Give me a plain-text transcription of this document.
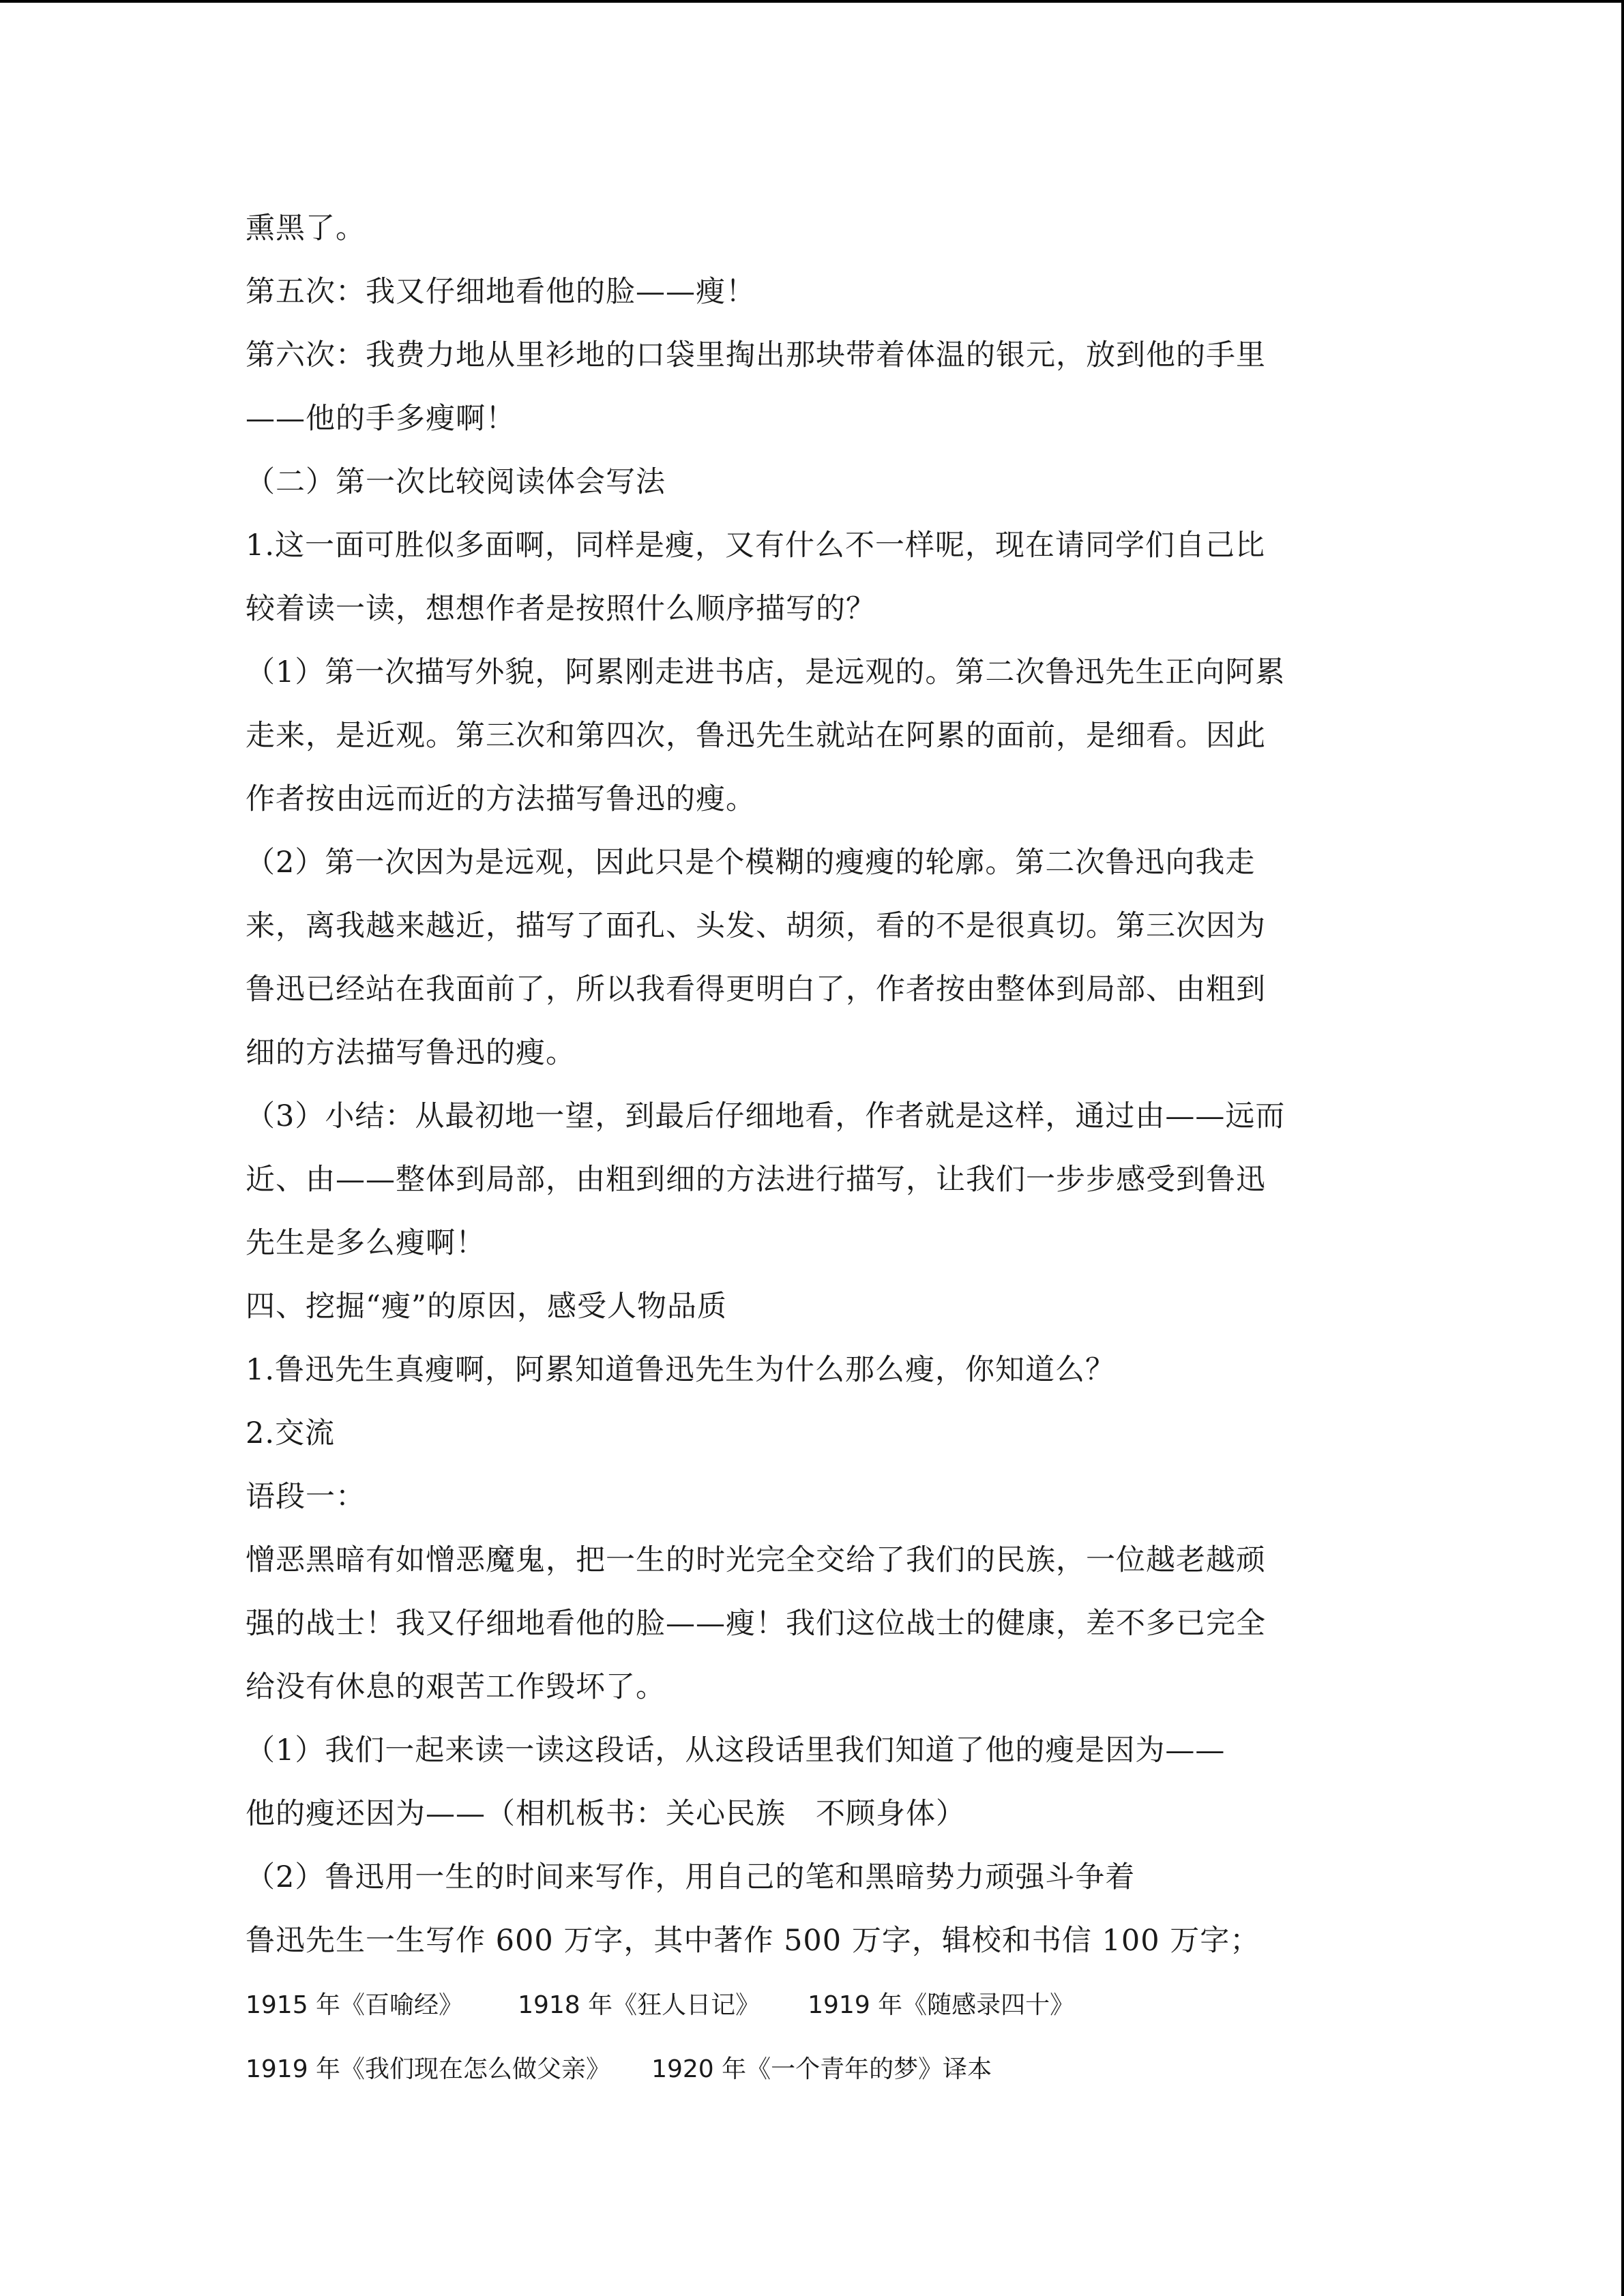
熏黑了。
第五次：我又仔细地看他的脸——瘦！
第六次：我费力地从里衫地的口袋里掏出那块带着体温的银元，放到他的手里
——他的手多瘦啊！
（二）第一次比较阅读体会写法
1.这一面可胜似多面啊，同样是瘦，又有什么不一样呢，现在请同学们自己比
较着读一读，想想作者是按照什么顺序描写的？
（1）第一次描写外貌，阿累刚走进书店，是远观的。第二次鲁迅先生正向阿累
走来，是近观。第三次和第四次，鲁迅先生就站在阿累的面前，是细看。因此
作者按由远而近的方法描写鲁迅的瘦。
（2）第一次因为是远观，因此只是个模糊的瘦瘦的轮廓。第二次鲁迅向我走
来，离我越来越近，描写了面孔、头发、胡须，看的不是很真切。第三次因为
鲁迅已经站在我面前了，所以我看得更明白了，作者按由整体到局部、由粗到
细的方法描写鲁迅的瘦。
（3）小结：从最初地一望，到最后仔细地看，作者就是这样，通过由——远而
近、由——整体到局部，由粗到细的方法进行描写，让我们一步步感受到鲁迅
先生是多么瘦啊！
四、挖掘“瘦”的原因，感受人物品质
1.鲁迅先生真瘦啊，阿累知道鲁迅先生为什么那么瘦，你知道么？
2.交流
语段一：
憎恶黑暗有如憎恶魔鬼，把一生的时光完全交给了我们的民族，一位越老越顽
强的战士！我又仔细地看他的脸——瘦！我们这位战士的健康，差不多已完全
给没有休息的艰苦工作毁坏了。
（1）我们一起来读一读这段话，从这段话里我们知道了他的瘦是因为——
他的瘦还因为——（相机板书：关心民族　不顾身体）
（2）鲁迅用一生的时间来写作，用自己的笔和黑暗势力顽强斗争着
鲁迅先生一生写作 600 万字，其中著作 500 万字，辑校和书信 100 万字；
1915 年《百喻经》 1918 年《狂人日记》 1919 年《随感录四十》
1919 年《我们现在怎么做父亲》 1920 年《一个青年的梦》译本
